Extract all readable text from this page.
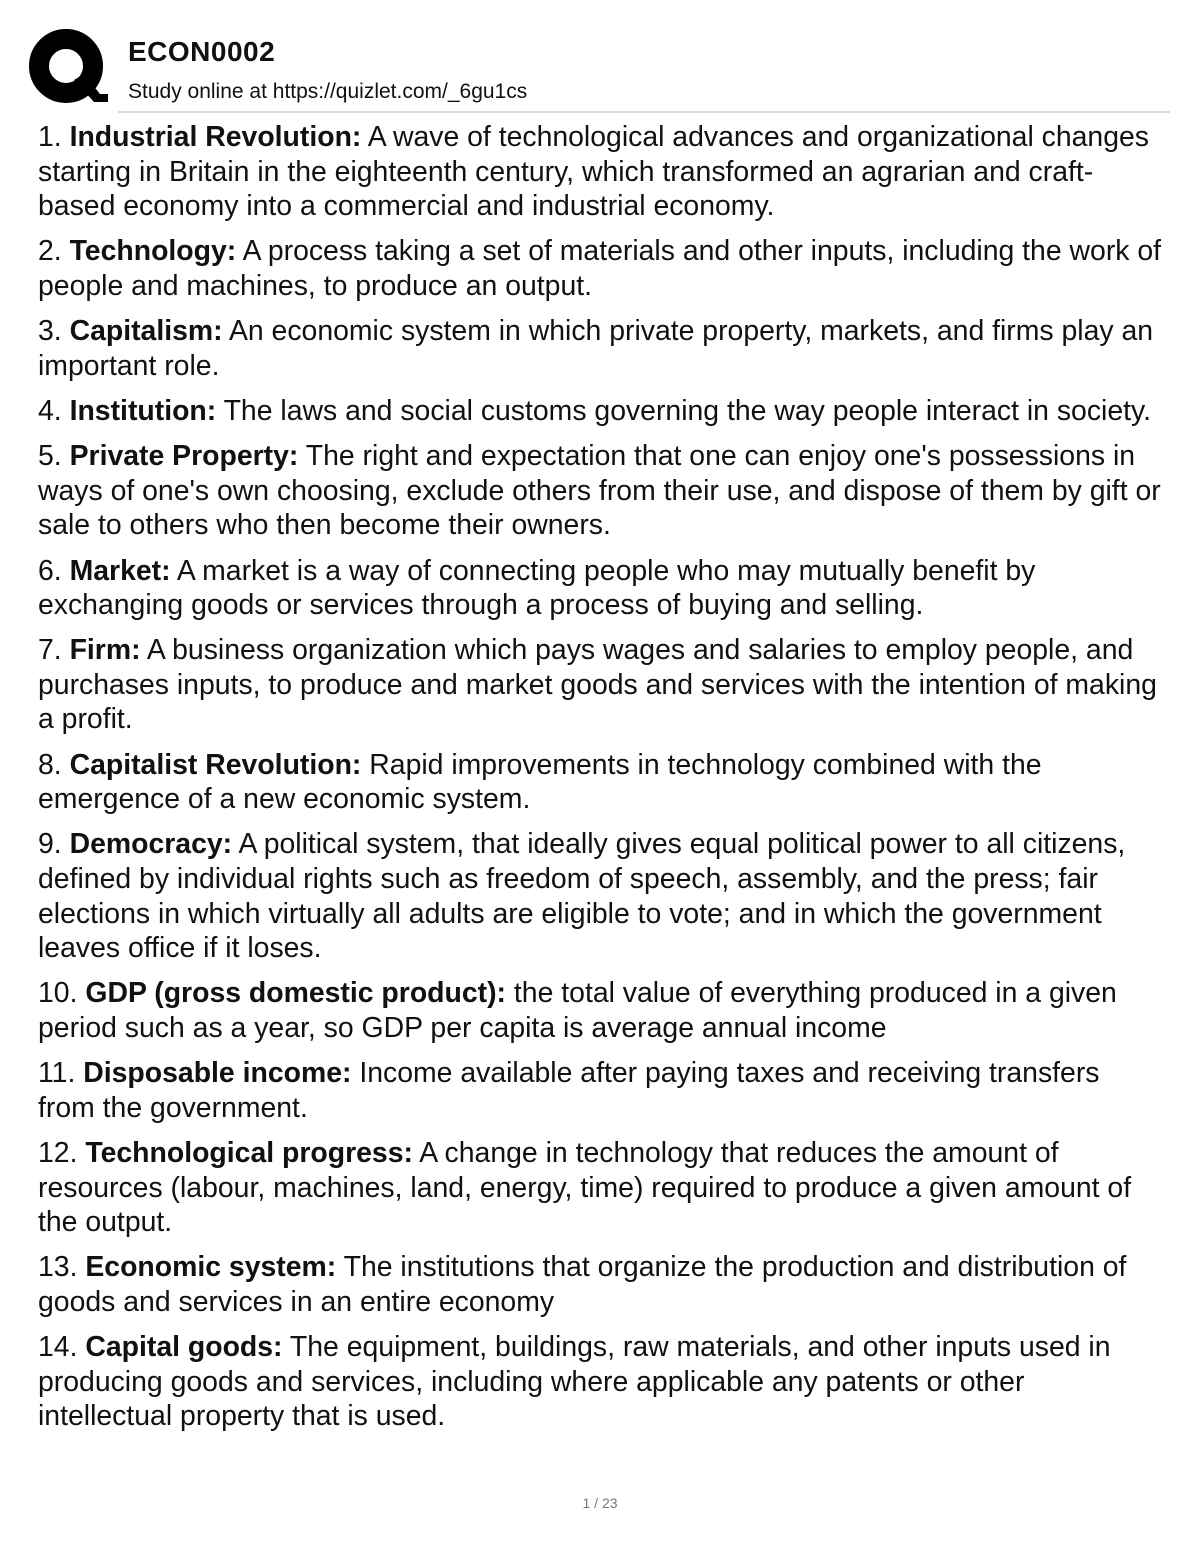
ECON0002
Study online at https://quizlet.com/_6gu1cs
1. Industrial Revolution: A wave of technological advances and organizational changes starting in Britain in the eighteenth century, which transformed an agrarian and craft-based economy into a commercial and industrial economy.
2. Technology: A process taking a set of materials and other inputs, including the work of people and machines, to produce an output.
3. Capitalism: An economic system in which private property, markets, and firms play an important role.
4. Institution: The laws and social customs governing the way people interact in society.
5. Private Property: The right and expectation that one can enjoy one's possessions in ways of one's own choosing, exclude others from their use, and dispose of them by gift or sale to others who then become their owners.
6. Market: A market is a way of connecting people who may mutually benefit by exchanging goods or services through a process of buying and selling.
7. Firm: A business organization which pays wages and salaries to employ people, and purchases inputs, to produce and market goods and services with the intention of making a profit.
8. Capitalist Revolution: Rapid improvements in technology combined with the emergence of a new economic system.
9. Democracy: A political system, that ideally gives equal political power to all citizens, defined by individual rights such as freedom of speech, assembly, and the press; fair elections in which virtually all adults are eligible to vote; and in which the government leaves office if it loses.
10. GDP (gross domestic product): the total value of everything produced in a given period such as a year, so GDP per capita is average annual income
11. Disposable income: Income available after paying taxes and receiving transfers from the government.
12. Technological progress: A change in technology that reduces the amount of resources (labour, machines, land, energy, time) required to produce a given amount of the output.
13. Economic system: The institutions that organize the production and distribution of goods and services in an entire economy
14. Capital goods: The equipment, buildings, raw materials, and other inputs used in producing goods and services, including where applicable any patents or other intellectual property that is used.
1 / 23
